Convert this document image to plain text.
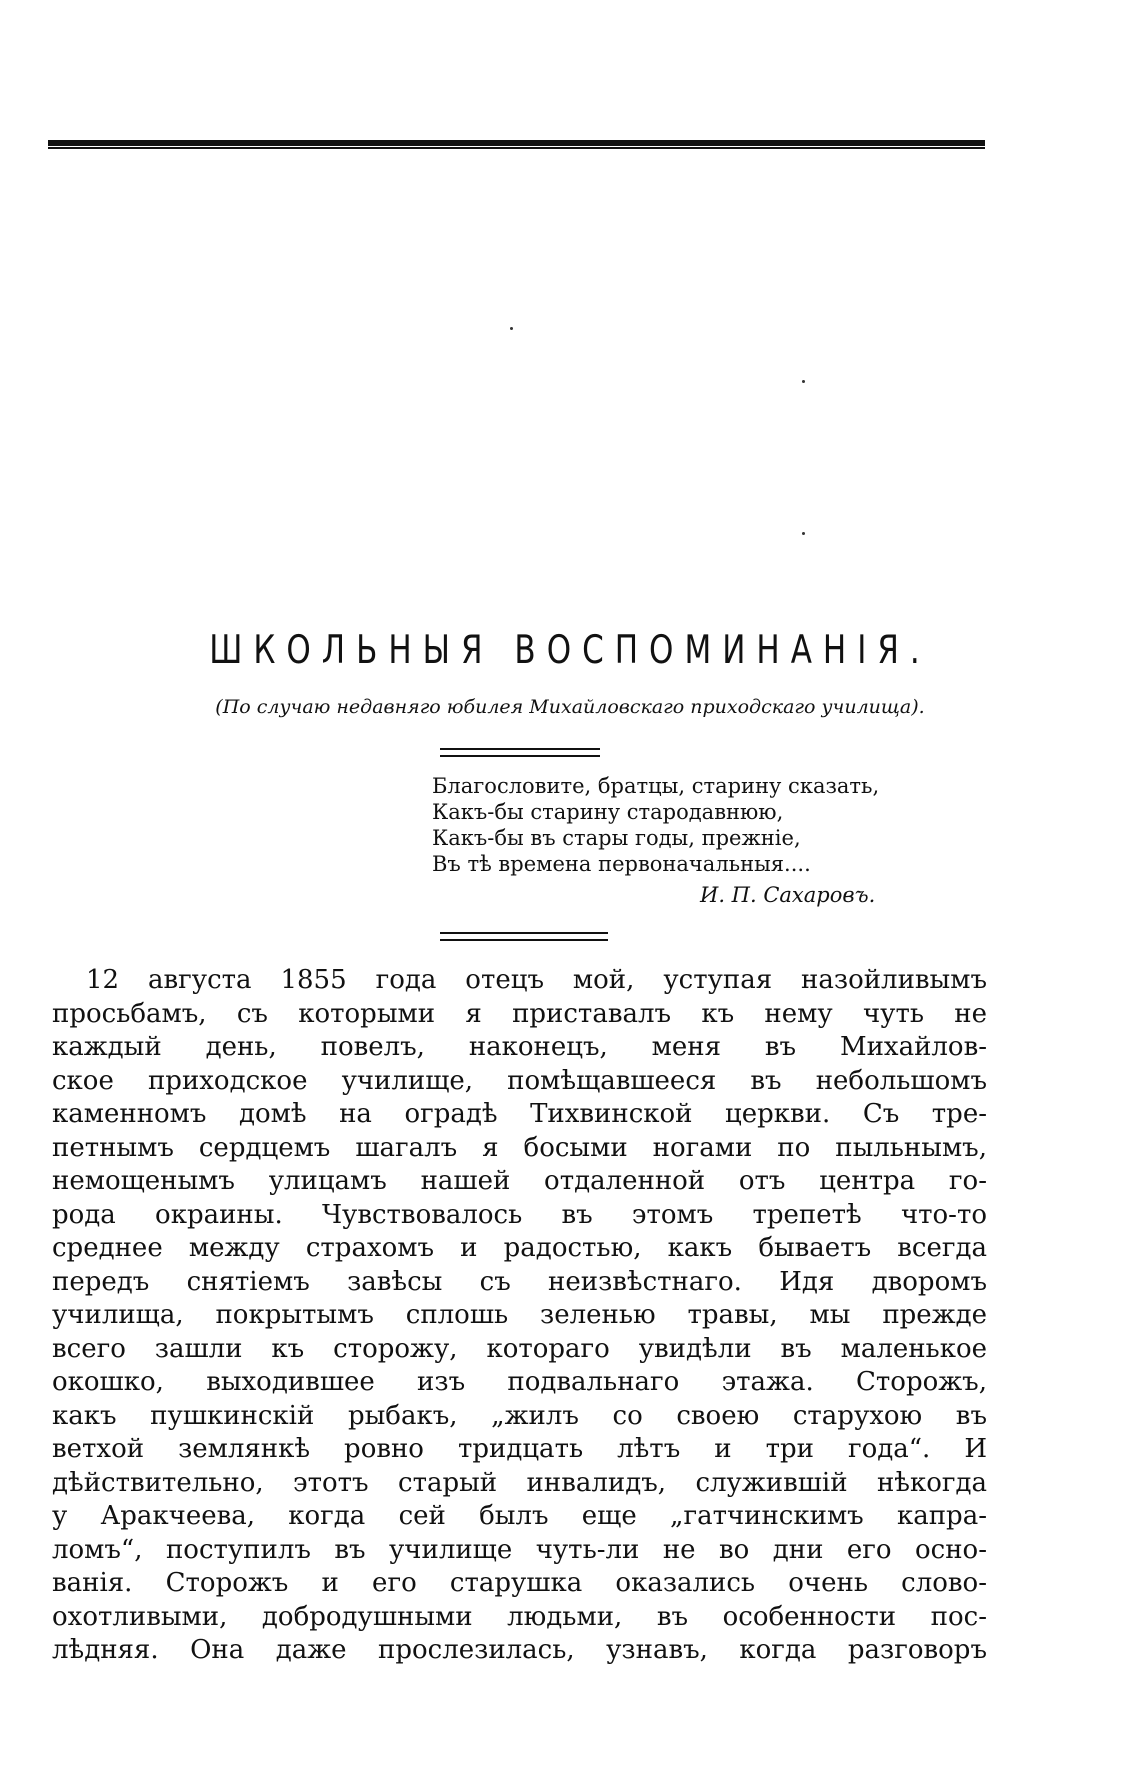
ШКОЛЬНЫЯ ВОСПОМИНАНІЯ.
(По случаю недавняго юбилея Михайловскаго приходскаго училища).
Благословите, братцы, старину сказать,
Какъ-бы старину стародавнюю,
Какъ-бы въ стары годы, прежніе,
Въ тѣ времена первоначальныя....
И. П. Сахаровъ.
12 августа 1855 года отецъ мой, уступая назойливымъ
просьбамъ, съ которыми я приставалъ къ нему чуть не
каждый день, повелъ, наконецъ, меня въ Михайлов-
ское приходское училище, помѣщавшееся въ небольшомъ
каменномъ домѣ на оградѣ Тихвинской церкви. Съ тре-
петнымъ сердцемъ шагалъ я босыми ногами по пыльнымъ,
немощенымъ улицамъ нашей отдаленной отъ центра го-
рода окраины. Чувствовалось въ этомъ трепетѣ что-то
среднее между страхомъ и радостью, какъ бываетъ всегда
передъ снятіемъ завѣсы съ неизвѣстнаго. Идя дворомъ
училища, покрытымъ сплошь зеленью травы, мы прежде
всего зашли къ сторожу, котораго увидѣли въ маленькое
окошко, выходившее изъ подвальнаго этажа. Сторожъ,
какъ пушкинскій рыбакъ, „жилъ со своею старухою въ
ветхой землянкѣ ровно тридцать лѣтъ и три года“. И
дѣйствительно, этотъ старый инвалидъ, служившій нѣкогда
у Аракчеева, когда сей былъ еще „гатчинскимъ капра-
ломъ“, поступилъ въ училище чуть-ли не во дни его осно-
ванія. Сторожъ и его старушка оказались очень слово-
охотливыми, добродушными людьми, въ особенности пос-
лѣдняя. Она даже прослезилась, узнавъ, когда разговоръ
